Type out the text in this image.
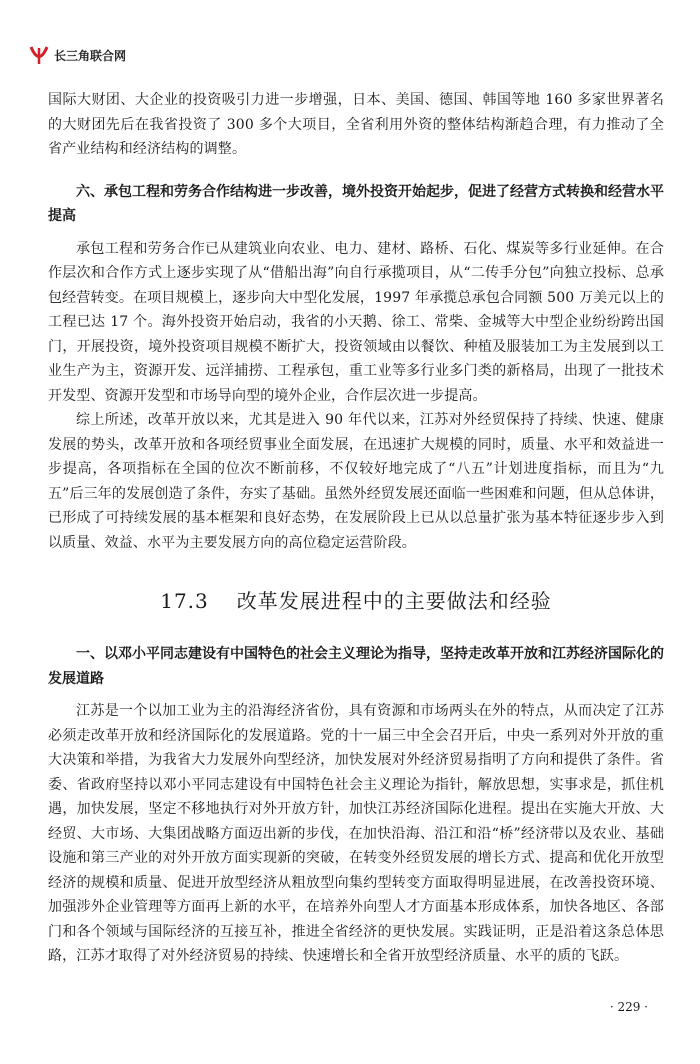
长三角联合网

国际大财团、大企业的投资吸引力进一步增强，日本、美国、德国、韩国等地 160 多家世界著名的大财团先后在我省投资了 300 多个大项目，全省利用外资的整体结构渐趋合理，有力推动了全省产业结构和经济结构的调整。

六、承包工程和劳务合作结构进一步改善，境外投资开始起步，促进了经营方式转换和经营水平提高

承包工程和劳务合作已从建筑业向农业、电力、建材、路桥、石化、煤炭等多行业延伸。在合作层次和合作方式上逐步实现了从“借船出海”向自行承揽项目，从“二传手分包”向独立投标、总承包经营转变。在项目规模上，逐步向大中型化发展，1997 年承揽总承包合同额 500 万美元以上的工程已达 17 个。海外投资开始启动，我省的小天鹅、徐工、常柴、金城等大中型企业纷纷跨出国门，开展投资，境外投资项目规模不断扩大，投资领域由以餐饮、种植及服装加工为主发展到以工业生产为主，资源开发、远洋捕捞、工程承包，重工业等多行业多门类的新格局，出现了一批技术开发型、资源开发型和市场导向型的境外企业，合作层次进一步提高。

综上所述，改革开放以来，尤其是进入 90 年代以来，江苏对外经贸保持了持续、快速、健康发展的势头，改革开放和各项经贸事业全面发展，在迅速扩大规模的同时，质量、水平和效益进一步提高，各项指标在全国的位次不断前移，不仅较好地完成了“八五”计划进度指标，而且为“九五”后三年的发展创造了条件，夯实了基础。虽然外经贸发展还面临一些困难和问题，但从总体讲，已形成了可持续发展的基本框架和良好态势，在发展阶段上已从以总量扩张为基本特征逐步步入到以质量、效益、水平为主要发展方向的高位稳定运营阶段。

17.3 改革发展进程中的主要做法和经验
一、以邓小平同志建设有中国特色的社会主义理论为指导，坚持走改革开放和江苏经济国际化的发展道路

江苏是一个以加工业为主的沿海经济省份，具有资源和市场两头在外的特点，从而决定了江苏必须走改革开放和经济国际化的发展道路。党的十一届三中全会召开后，中央一系列对外开放的重大决策和举措，为我省大力发展外向型经济，加快发展对外经济贸易指明了方向和提供了条件。省委、省政府坚持以邓小平同志建设有中国特色社会主义理论为指针，解放思想，实事求是，抓住机遇，加快发展，坚定不移地执行对外开放方针，加快江苏经济国际化进程。提出在实施大开放、大经贸、大市场、大集团战略方面迈出新的步伐，在加快沿海、沿江和沿“桥”经济带以及农业、基础设施和第三产业的对外开放方面实现新的突破，在转变外经贸发展的增长方式、提高和优化开放型经济的规模和质量、促进开放型经济从粗放型向集约型转变方面取得明显进展，在改善投资环境、加强涉外企业管理等方面再上新的水平，在培养外向型人才方面基本形成体系，加快各地区、各部门和各个领域与国际经济的互接互补，推进全省经济的更快发展。实践证明，正是沿着这条总体思路，江苏才取得了对外经济贸易的持续、快速增长和全省开放型经济质量、水平的质的飞跃。

· 229 ·
